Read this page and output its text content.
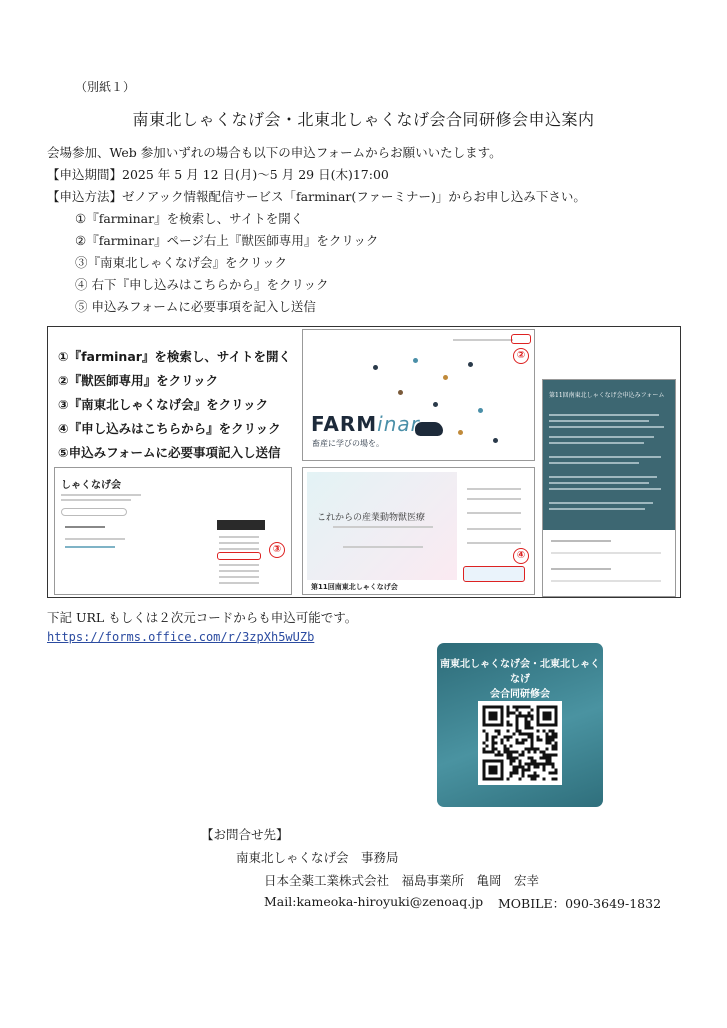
（別紙１）
南東北しゃくなげ会・北東北しゃくなげ会合同研修会申込案内
会場参加、Web 参加いずれの場合も以下の申込フォームからお願いいたします。
【申込期間】2025 年 5 月 12 日(月)～5 月 29 日(木)17:00
【申込方法】ゼノアック情報配信サービス「farminar(ファーミナー)」からお申し込み下さい。
①『farminar』を検索し、サイトを開く
②『farminar』ページ右上『獣医師専用』をクリック
③『南東北しゃくなげ会』をクリック
④ 右下『申し込みはこちらから』をクリック
⑤ 申込みフォームに必要事項を記入し送信
①『farminar』を検索し、サイトを開く
②『獣医師専用』をクリック
③『南東北しゃくなげ会』をクリック
④『申し込みはこちらから』をクリック
⑤申込みフォームに必要事項記入し送信
②
FARMinar
畜産に学びの場を。
しゃくなげ会
③
これからの産業動物獣医療
第11回南東北しゃくなげ会
④
第11回南東北しゃくなげ会申込みフォーム
下記 URL もしくは２次元コードからも申込可能です。
https://forms.office.com/r/3zpXh5wUZb
南東北しゃくなげ会・北東北しゃくなげ
会合同研修会
【お問合せ先】
南東北しゃくなげ会　事務局
日本全薬工業株式会社　福島事業所　亀岡　宏幸
Mail:kameoka-hiroyuki@zenoaq.jp MOBILE：090-3649-1832
